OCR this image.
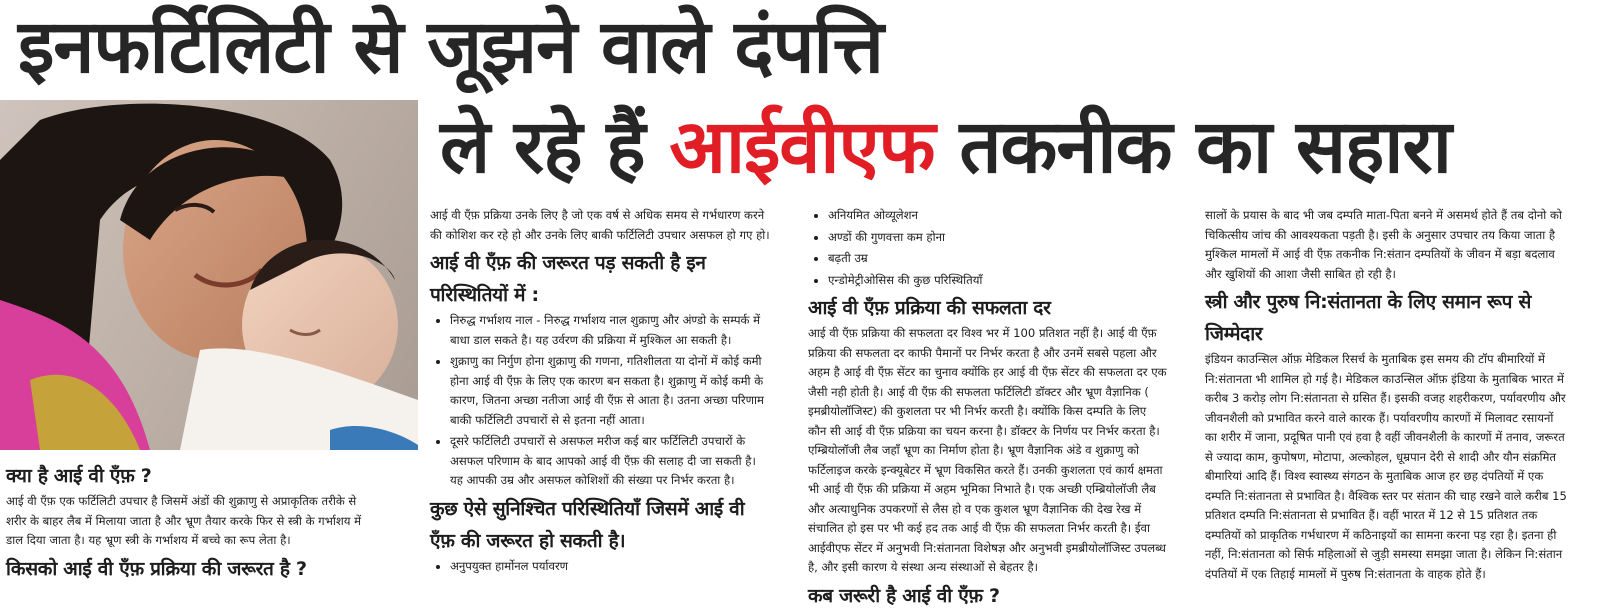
इनफर्टिलिटी से जूझने वाले दंपत्ति
ले रहे हैं आईवीएफ तकनीक का सहारा
क्या है आई वी एँफ़ ?

आई वी एँफ़ एक फर्टिलिटी उपचार है जिसमें अंडों की शुक्राणु से अप्राकृतिक तरीके से शरीर के बाहर लैब में मिलाया जाता है और भ्रूण तैयार करके फिर से स्त्री के गर्भाशय में डाल दिया जाता है। यह भ्रूण स्त्री के गर्भाशय में बच्चे का रूप लेता है।

किसको आई वी एँफ़ प्रक्रिया की जरूरत है ?

आई वी एँफ़ प्रक्रिया उनके लिए है जो एक वर्ष से अधिक समय से गर्भधारण करने की कोशिश कर रहे हो और उनके लिए बाकी फर्टिलिटी उपचार असफल हो गए हो।

आई वी एँफ़ की जरूरत पड़ सकती है इन परिस्थितियों में :
• निरुद्ध गर्भाशय नाल - निरुद्ध गर्भाशय नाल शुक्राणु और अंण्डो के सम्पर्क में बाधा डाल सकते है। यह उर्वरण की प्रक्रिया में मुश्किल आ सकती है।
• शुक्राणु का निर्गुण होना शुक्राणु की गणना, गतिशीलता या दोनों में कोई कमी होना आई वी एँफ़ के लिए एक कारण बन सकता है। शुक्राणु में कोई कमी के कारण, जितना अच्छा नतीजा आई वी एँफ़ से आता है। उतना अच्छा परिणाम बाकी फर्टिलिटी उपचारों से से इतना नहीं आता।
• दूसरे फर्टिलिटी उपचारों से असफल मरीज कई बार फर्टिलिटी उपचारों के असफल परिणाम के बाद आपको आई वी एँफ़ की सलाह दी जा सकती है। यह आपकी उम्र और असफल कोशिशों की संख्या पर निर्भर करता है।
कुछ ऐसे सुनिश्चित परिस्थितियाँ जिसमें आई वी एँफ़ की जरूरत हो सकती है।
• अनुपयुक्त हार्मोनल पर्यावरण
• अनियमित ओव्यूलेशन
• अण्डों की गुणवत्ता कम होना
• बढ़ती उम्र
• एन्डोमेट्रीओसिस की कुछ परिस्थितियाँ
आई वी एँफ़ प्रक्रिया की सफलता दर

आई वी एँफ़ प्रक्रिया की सफलता दर विश्व भर में 100 प्रतिशत नहीं है। आई वी एँफ़ प्रक्रिया की सफलता दर काफी पैमानों पर निर्भर करता है और उनमें सबसे पहला और अहम है आई वी एँफ़ सेंटर का चुनाव क्योंकि हर आई वी एँफ़ सेंटर की सफलता दर एक जैसी नही होती है। आई वी एँफ़ की सफलता फर्टिलिटी डॉक्टर और भ्रूण वैज्ञानिक ( इमब्रीयोलॉजिस्ट) की कुशलता पर भी निर्भर करती है। क्योंकि किस दम्पति के लिए कौन सी आई वी एँफ़ प्रक्रिया का चयन करना है। डॉक्टर के निर्णय पर निर्भर करता है। एम्ब्रियोलॉजी लैब जहाँ भ्रूण का निर्माण होता है। भ्रूण वैज्ञानिक अंडे व शुक्राणु को फर्टिलाइज करके इन्क्यूबेटर में भ्रूण विकसित करते हैं। उनकी कुशलता एवं कार्य क्षमता भी आई वी एँफ़ की प्रक्रिया में अहम भूमिका निभाते है। एक अच्छी एम्ब्रियोलॉजी लैब और अत्याधुनिक उपकरणों से लैस हो व एक कुशल भ्रूण वैज्ञानिक की देख रेख में संचालित हो इस पर भी कई हद तक आई वी एँफ़ की सफलता निर्भर करती है। ईवा आईवीएफ सेंटर में अनुभवी नि:संतानता विशेषज्ञ और अनुभवी इमब्रीयोलॉजिस्ट उपलब्ध है, और इसी कारण ये संस्था अन्य संस्थाओं से बेहतर है।

कब जरूरी है आई वी एँफ़ ?

सालों के प्रयास के बाद भी जब दम्पति माता-पिता बनने में असमर्थ होते हैं तब दोनो को चिकित्सीय जांच की आवश्यकता पड़ती है। इसी के अनुसार उपचार तय किया जाता है मुश्किल मामलों में आई वी एँफ़ तकनीक नि:संतान दम्पतियों के जीवन में बड़ा बदलाव और खुशियों की आशा जैसी साबित हो रही है।

स्त्री और पुरुष नि:संतानता के लिए समान रूप से जिम्मेदार

इंडियन काउन्सिल ऑफ़ मेडिकल रिसर्च के मुताबिक इस समय की टॉप बीमारियों में नि:संतानता भी शामिल हो गई है। मेडिकल काउन्सिल ऑफ़ इंडिया के मुताबिक भारत में करीब 3 करोड़ लोग नि:संतानता से ग्रसित हैं। इसकी वजह शहरीकरण, पर्यावरणीय और जीवनशैली को प्रभावित करने वाले कारक हैं। पर्यावरणीय कारणों में मिलावट रसायनों का शरीर में जाना, प्रदूषित पानी एवं हवा है वहीं जीवनशैली के कारणों में तनाव, जरूरत से ज्यादा काम, कुपोषण, मोटापा, अल्कोहल, धूम्रपान देरी से शादी और यौन संक्रमित बीमारियां आदि हैं। विश्व स्वास्थ्य संगठन के मुताबिक आज हर छह दंपतियों में एक दम्पति नि:संतानता से प्रभावित है। वैश्विक स्तर पर संतान की चाह रखने वाले करीब 15 प्रतिशत दम्पति नि:संतानता से प्रभावित हैं। वहीं भारत में 12 से 15 प्रतिशत तक दम्पतियों को प्राकृतिक गर्भधारण में कठिनाइयों का सामना करना पड़ रहा है। इतना ही नहीं, नि:संतानता को सिर्फ महिलाओं से जुड़ी समस्या समझा जाता है। लेकिन नि:संतान दंपतियों में एक तिहाई मामलों में पुरुष नि:संतानता के वाहक होते हैं।
